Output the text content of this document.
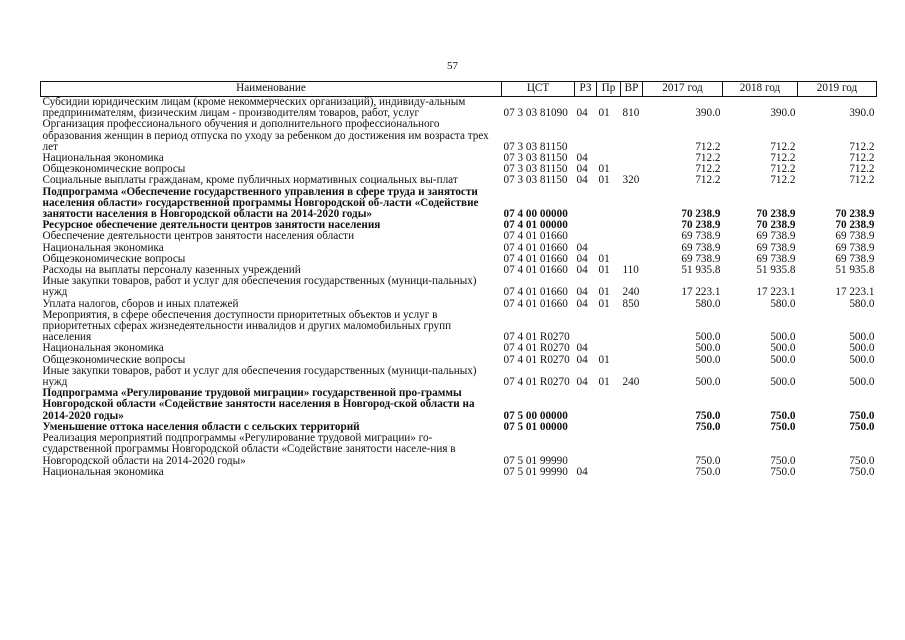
57
Наименование	ЦСТ	РЗ	Пр	ВР	2017 год	2018 год	2019 год
Субсидии юридическим лицам (кроме некоммерческих организаций), индивиду-альным предпринимателям, физическим лицам - производителям товаров, работ, услуг	07 3 03 81090	04	01	810	390.0	390.0	390.0
Организация профессионального обучения и дополнительного профессионального образования женщин в период отпуска по уходу за ребенком до достижения им возраста трех лет	07 3 03 81150				712.2	712.2	712.2
Национальная экономика	07 3 03 81150	04			712.2	712.2	712.2
Общеэкономические вопросы	07 3 03 81150	04	01		712.2	712.2	712.2
Социальные выплаты гражданам, кроме публичных нормативных социальных вы-плат	07 3 03 81150	04	01	320	712.2	712.2	712.2
Подпрограмма «Обеспечение государственного управления в сфере труда и занятости населения области» государственной программы Новгородской об-ласти «Содействие занятости населения в Новгородской области на 2014-2020 годы»	07 4 00 00000				70 238.9	70 238.9	70 238.9
Ресурсное обеспечение деятельности центров занятости населения	07 4 01 00000				70 238.9	70 238.9	70 238.9
Обеспечение деятельности центров занятости населения области	07 4 01 01660				69 738.9	69 738.9	69 738.9
Национальная экономика	07 4 01 01660	04			69 738.9	69 738.9	69 738.9
Общеэкономические вопросы	07 4 01 01660	04	01		69 738.9	69 738.9	69 738.9
Расходы на выплаты персоналу казенных учреждений	07 4 01 01660	04	01	110	51 935.8	51 935.8	51 935.8
Иные закупки товаров, работ и услуг для обеспечения государственных (муници-пальных) нужд	07 4 01 01660	04	01	240	17 223.1	17 223.1	17 223.1
Уплата налогов, сборов и иных платежей	07 4 01 01660	04	01	850	580.0	580.0	580.0
Мероприятия, в сфере обеспечения доступности приоритетных объектов и услуг в приоритетных сферах жизнедеятельности инвалидов и других маломобильных групп населения	07 4 01 R0270				500.0	500.0	500.0
Национальная экономика	07 4 01 R0270	04			500.0	500.0	500.0
Общеэкономические вопросы	07 4 01 R0270	04	01		500.0	500.0	500.0
Иные закупки товаров, работ и услуг для обеспечения государственных (муници-пальных) нужд	07 4 01 R0270	04	01	240	500.0	500.0	500.0
Подпрограмма «Регулирование трудовой миграции» государственной про-граммы Новгородской области «Содействие занятости населения в Новгород-ской области на 2014-2020 годы»	07 5 00 00000				750.0	750.0	750.0
Уменьшение оттока населения области с сельских территорий	07 5 01 00000				750.0	750.0	750.0
Реализация мероприятий подпрограммы «Регулирование трудовой миграции» го-сударственной программы Новгородской области «Содействие занятости населе-ния в Новгородской области на 2014-2020 годы»	07 5 01 99990				750.0	750.0	750.0
Национальная экономика	07 5 01 99990	04			750.0	750.0	750.0
